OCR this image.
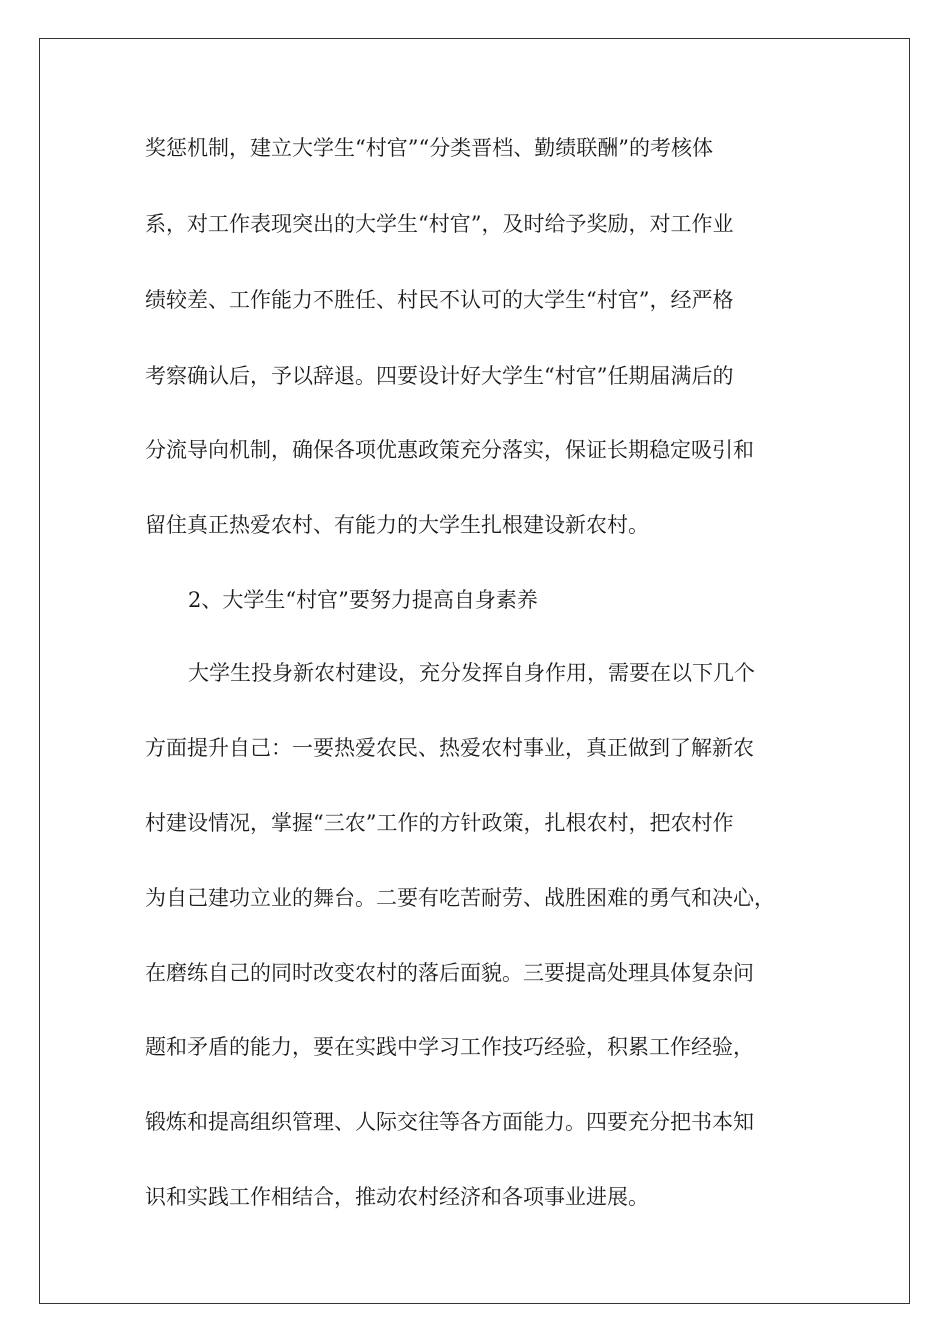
奖惩机制，建立大学生“村官”“分类晋档、勤绩联酬”的考核体
系，对工作表现突出的大学生“村官”，及时给予奖励，对工作业
绩较差、工作能力不胜任、村民不认可的大学生“村官”，经严格
考察确认后，予以辞退。四要设计好大学生“村官”任期届满后的
分流导向机制，确保各项优惠政策充分落实，保证长期稳定吸引和
留住真正热爱农村、有能力的大学生扎根建设新农村。
2、大学生“村官”要努力提高自身素养
大学生投身新农村建设，充分发挥自身作用，需要在以下几个
方面提升自己：一要热爱农民、热爱农村事业，真正做到了解新农
村建设情况，掌握“三农”工作的方针政策，扎根农村，把农村作
为自己建功立业的舞台。二要有吃苦耐劳、战胜困难的勇气和决心，
在磨练自己的同时改变农村的落后面貌。三要提高处理具体复杂问
题和矛盾的能力，要在实践中学习工作技巧经验，积累工作经验，
锻炼和提高组织管理、人际交往等各方面能力。四要充分把书本知
识和实践工作相结合，推动农村经济和各项事业进展。
